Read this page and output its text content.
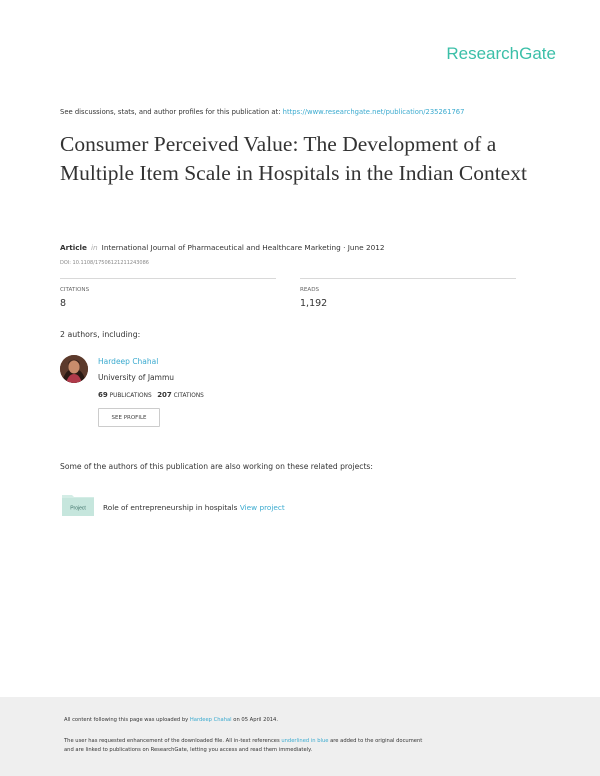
ResearchGate
See discussions, stats, and author profiles for this publication at: https://www.researchgate.net/publication/235261767
Consumer Perceived Value: The Development of a Multiple Item Scale in Hospitals in the Indian Context
Article in International Journal of Pharmaceutical and Healthcare Marketing · June 2012
DOI: 10.1108/17506121211243086
CITATIONS
8
READS
1,192
2 authors, including:
Hardeep Chahal
University of Jammu
69 PUBLICATIONS 207 CITATIONS
SEE PROFILE
Some of the authors of this publication are also working on these related projects:
Project Role of entrepreneurship in hospitals View project
All content following this page was uploaded by Hardeep Chahal on 05 April 2014.
The user has requested enhancement of the downloaded file. All in-text references underlined in blue are added to the original document
and are linked to publications on ResearchGate, letting you access and read them immediately.
